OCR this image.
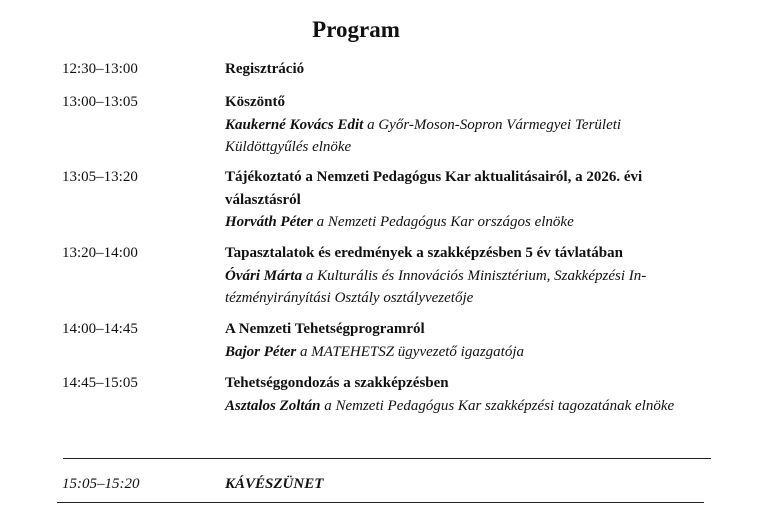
Program
12:30–13:00	Regisztráció
13:00–13:05	Köszöntő
Kaukerné Kovács Edit a Győr-Moson-Sopron Vármegyei Területi Küldöttgyűlés elnöke
13:05–13:20	Tájékoztató a Nemzeti Pedagógus Kar aktualitásairól, a 2026. évi választásról
Horváth Péter a Nemzeti Pedagógus Kar országos elnöke
13:20–14:00	Tapasztalatok és eredmények a szakképzésben 5 év távlatában
Óvári Márta a Kulturális és Innovációs Minisztérium, Szakképzési In-tézményirányítási Osztály osztályvezetője
14:00–14:45	A Nemzeti Tehetségprogramról
Bajor Péter a MATEHETSZ ügyvezető igazgatója
14:45–15:05	Tehetséggondozás a szakképzésben
Asztalos Zoltán a Nemzeti Pedagógus Kar szakképzési tagozatának elnöke
15:05–15:20	KÁVÉSZÜNET
